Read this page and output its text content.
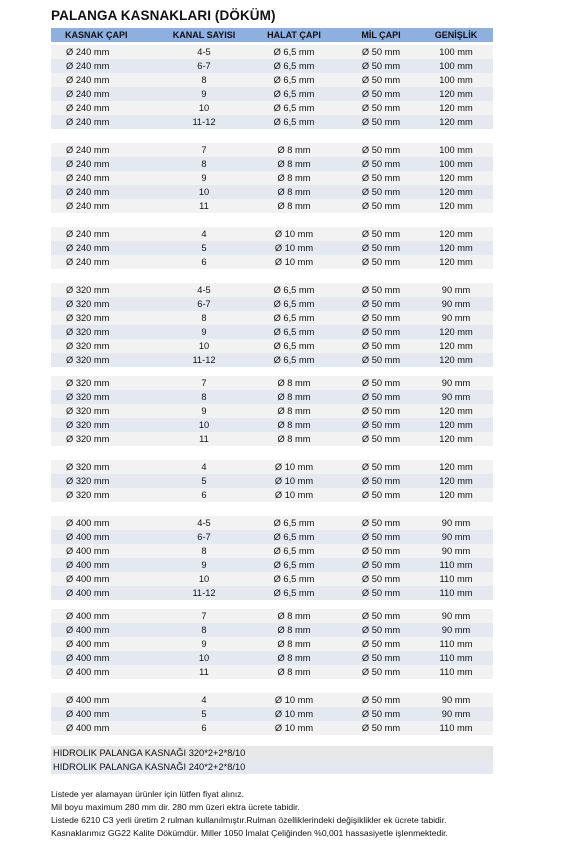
PALANGA KASNAKLARI (DÖKÜM)
KASNAK ÇAPI	KANAL SAYISI	HALAT ÇAPI	MİL ÇAPI	GENİŞLİK
Ø 240 mm	4-5	Ø 6,5 mm	Ø 50 mm	100 mm
Ø 240 mm	6-7	Ø 6,5 mm	Ø 50 mm	100 mm
Ø 240 mm	8	Ø 6,5 mm	Ø 50 mm	100 mm
Ø 240 mm	9	Ø 6,5 mm	Ø 50 mm	120 mm
Ø 240 mm	10	Ø 6,5 mm	Ø 50 mm	120 mm
Ø 240 mm	11-12	Ø 6,5 mm	Ø 50 mm	120 mm
Ø 240 mm	7	Ø 8 mm	Ø 50 mm	100 mm
Ø 240 mm	8	Ø 8 mm	Ø 50 mm	100 mm
Ø 240 mm	9	Ø 8 mm	Ø 50 mm	120 mm
Ø 240 mm	10	Ø 8 mm	Ø 50 mm	120 mm
Ø 240 mm	11	Ø 8 mm	Ø 50 mm	120 mm
Ø 240 mm	4	Ø 10 mm	Ø 50 mm	120 mm
Ø 240 mm	5	Ø 10 mm	Ø 50 mm	120 mm
Ø 240 mm	6	Ø 10 mm	Ø 50 mm	120 mm
Ø 320 mm	4-5	Ø 6,5 mm	Ø 50 mm	90 mm
Ø 320 mm	6-7	Ø 6,5 mm	Ø 50 mm	90 mm
Ø 320 mm	8	Ø 6,5 mm	Ø 50 mm	90 mm
Ø 320 mm	9	Ø 6,5 mm	Ø 50 mm	120 mm
Ø 320 mm	10	Ø 6,5 mm	Ø 50 mm	120 mm
Ø 320 mm	11-12	Ø 6,5 mm	Ø 50 mm	120 mm
Ø 320 mm	7	Ø 8 mm	Ø 50 mm	90 mm
Ø 320 mm	8	Ø 8 mm	Ø 50 mm	90 mm
Ø 320 mm	9	Ø 8 mm	Ø 50 mm	120 mm
Ø 320 mm	10	Ø 8 mm	Ø 50 mm	120 mm
Ø 320 mm	11	Ø 8 mm	Ø 50 mm	120 mm
Ø 320 mm	4	Ø 10 mm	Ø 50 mm	120 mm
Ø 320 mm	5	Ø 10 mm	Ø 50 mm	120 mm
Ø 320 mm	6	Ø 10 mm	Ø 50 mm	120 mm
Ø 400 mm	4-5	Ø 6,5 mm	Ø 50 mm	90 mm
Ø 400 mm	6-7	Ø 6,5 mm	Ø 50 mm	90 mm
Ø 400 mm	8	Ø 6,5 mm	Ø 50 mm	90 mm
Ø 400 mm	9	Ø 6,5 mm	Ø 50 mm	110 mm
Ø 400 mm	10	Ø 6,5 mm	Ø 50 mm	110 mm
Ø 400 mm	11-12	Ø 6,5 mm	Ø 50 mm	110 mm
Ø 400 mm	7	Ø 8 mm	Ø 50 mm	90 mm
Ø 400 mm	8	Ø 8 mm	Ø 50 mm	90 mm
Ø 400 mm	9	Ø 8 mm	Ø 50 mm	110 mm
Ø 400 mm	10	Ø 8 mm	Ø 50 mm	110 mm
Ø 400 mm	11	Ø 8 mm	Ø 50 mm	110 mm
Ø 400 mm	4	Ø 10 mm	Ø 50 mm	90 mm
Ø 400 mm	5	Ø 10 mm	Ø 50 mm	90 mm
Ø 400 mm	6	Ø 10 mm	Ø 50 mm	110 mm
HIDROLIK PALANGA KASNAĞI 320*2+2*8/10
HIDROLIK PALANGA KASNAĞI 240*2+2*8/10
Listede yer alamayan ürünler için lütfen fiyat alınız.
Mil boyu maximum 280 mm dir. 280 mm üzeri ektra ücrete tabidir.
Listede 6210 C3 yerli üretim 2 rulman kullanılmıştır.Rulman özelliklerindeki değişiklikler ek ücrete tabidir.
Kasnaklarımız GG22 Kalite Dökümdür. Miller 1050 İmalat Çeliğinden %0,001 hassasiyetle işlenmektedir.
